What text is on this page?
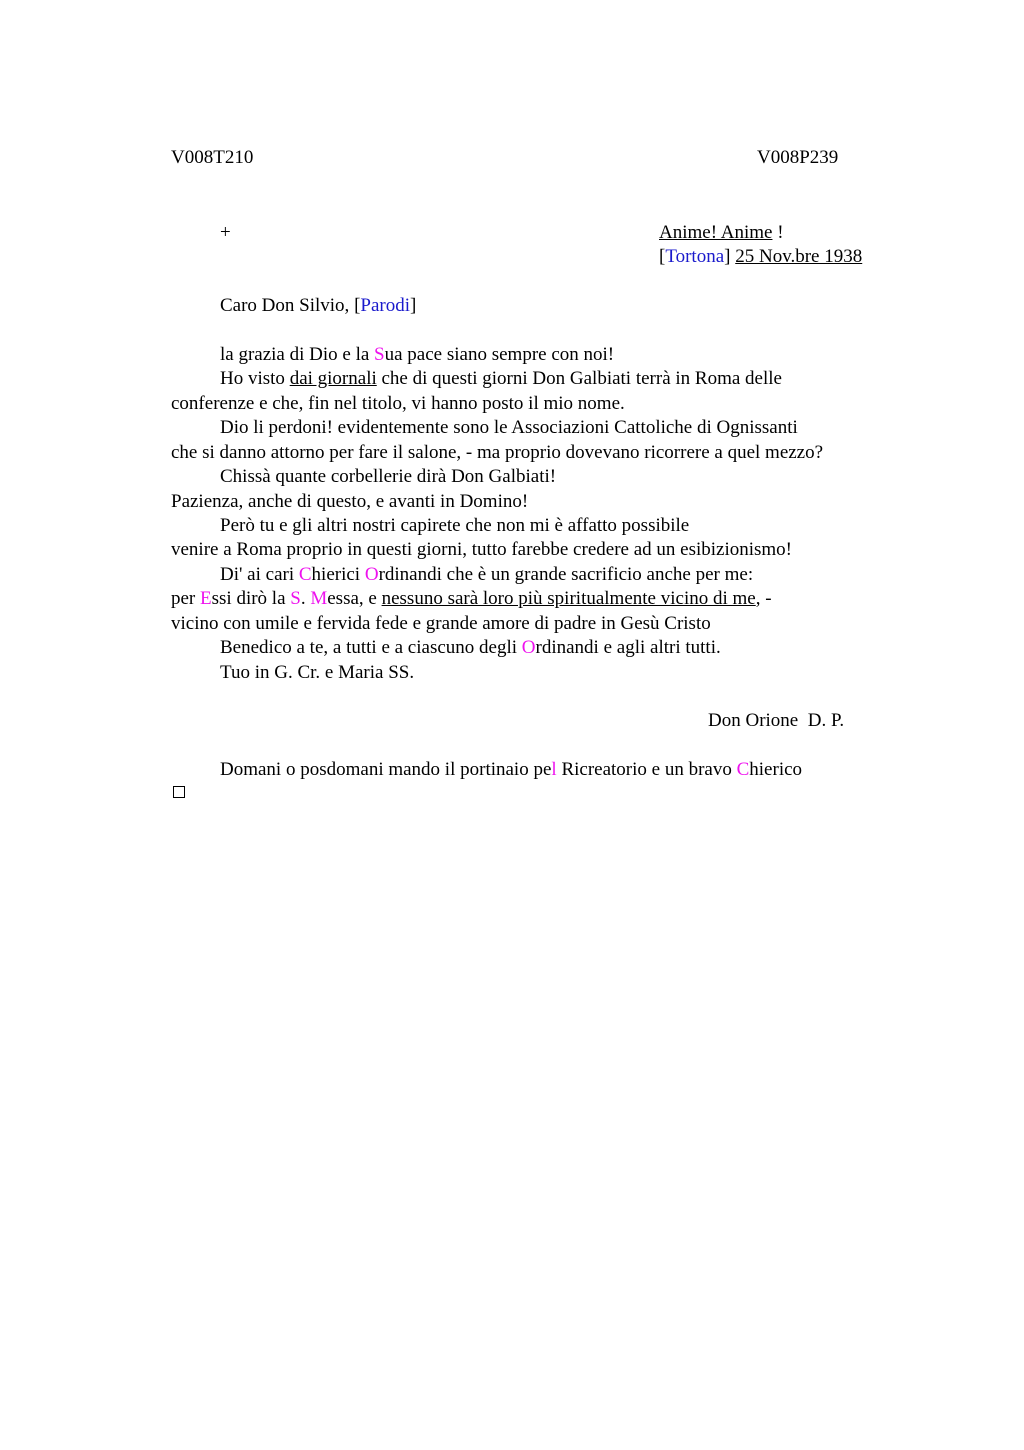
V008T210	V008P239
+	Anime! Anime !
[Tortona] 25 Nov.bre 1938
Caro Don Silvio, [Parodi]
la grazia di Dio e la Sua pace siano sempre con noi!
Ho visto dai giornali che di questi giorni Don Galbiati terrà in Roma delle
conferenze e che, fin nel titolo, vi hanno posto il mio nome.
Dio li perdoni! evidentemente sono le Associazioni Cattoliche di Ognissanti
che si danno attorno per fare il salone, - ma proprio dovevano ricorrere a quel mezzo?
Chissà quante corbellerie dirà Don Galbiati!
Pazienza, anche di questo, e avanti in Domino!
Però tu e gli altri nostri capirete che non mi è affatto possibile
venire a Roma proprio in questi giorni, tutto farebbe credere ad un esibizionismo!
Di' ai cari Chierici Ordinandi che è un grande sacrificio anche per me:
per Essi dirò la S. Messa, e nessuno sarà loro più spiritualmente vicino di me, -
vicino con umile e fervida fede e grande amore di padre in Gesù Cristo
Benedico a te, a tutti e a ciascuno degli Ordinandi e agli altri tutti.
Tuo in G. Cr. e Maria SS.
Don Orione  D. P.
Domani o posdomani mando il portinaio pel Ricreatorio e un bravo Chierico
